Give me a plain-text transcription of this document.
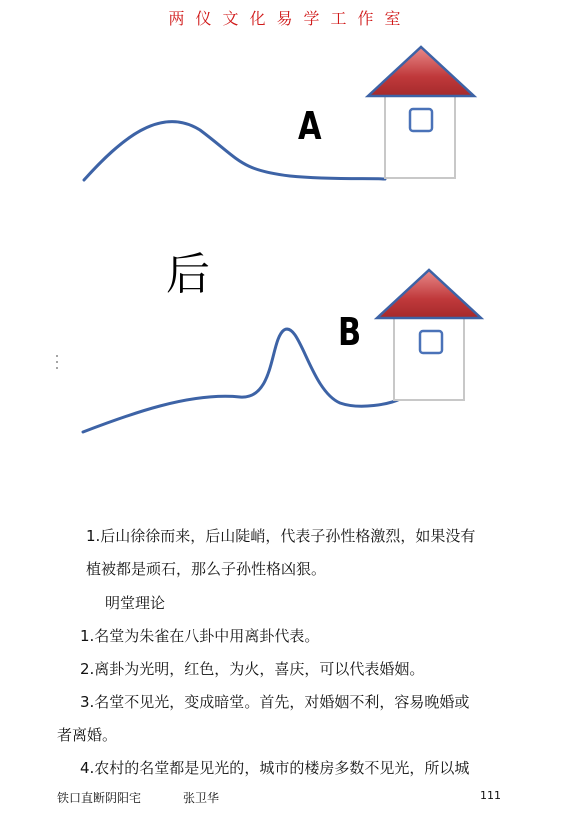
两仪文化易学工作室
A
B
后
1.后山徐徐而来，后山陡峭，代表子孙性格激烈，如果没有
植被都是顽石，那么子孙性格凶狠。
明堂理论
1.名堂为朱雀在八卦中用离卦代表。
2.离卦为光明，红色，为火，喜庆，可以代表婚姻。
3.名堂不见光，变成暗堂。首先，对婚姻不利，容易晚婚或
者离婚。
4.农村的名堂都是见光的，城市的楼房多数不见光，所以城
铁口直断阴阳宅	张卫华	111
